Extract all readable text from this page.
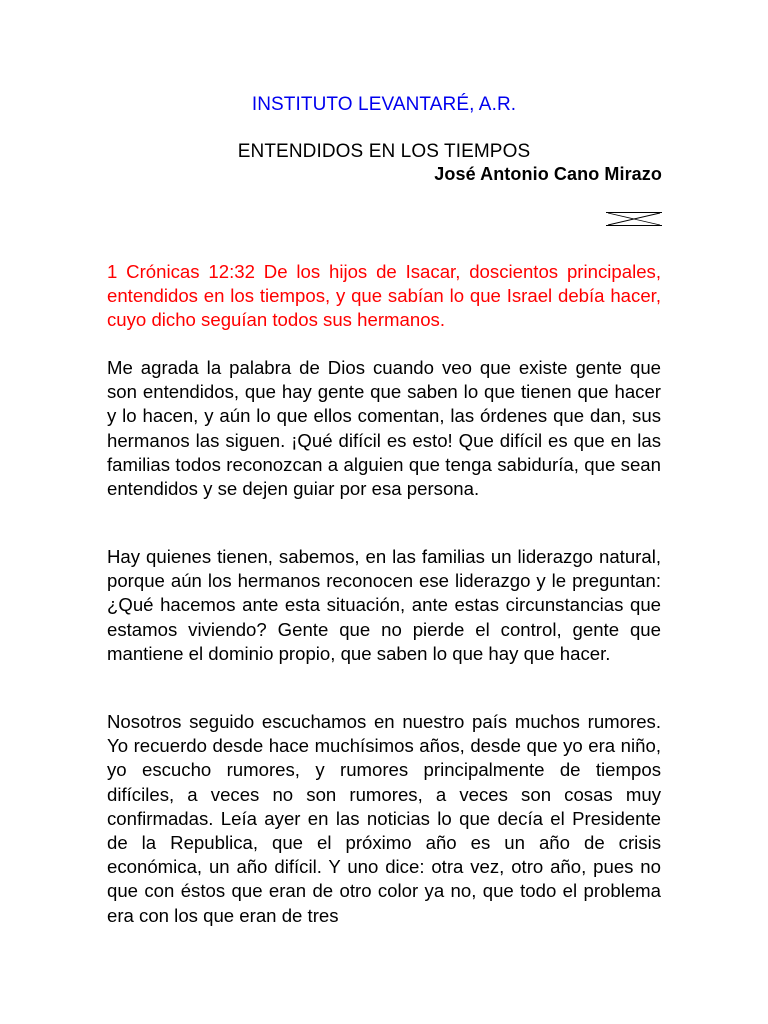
INSTITUTO LEVANTARÉ, A.R.
ENTENDIDOS EN LOS TIEMPOS
José Antonio Cano Mirazo
1 Crónicas 12:32 De los hijos de Isacar, doscientos principales, entendidos en los tiempos, y que sabían lo que Israel debía hacer, cuyo dicho seguían todos sus hermanos.
Me agrada la palabra de Dios cuando veo que existe gente que son entendidos, que hay gente que saben lo que tienen que hacer y lo hacen, y aún lo que ellos comentan, las órdenes que dan, sus hermanos las siguen. ¡Qué difícil es esto! Que difícil es que en las familias todos reconozcan a alguien que tenga sabiduría, que sean entendidos y se dejen guiar por esa persona.
Hay quienes tienen, sabemos, en las familias un liderazgo natural, porque aún los hermanos reconocen ese liderazgo y le preguntan: ¿Qué hacemos ante esta situación, ante estas circunstancias que estamos viviendo? Gente que no pierde el control, gente que mantiene el dominio propio, que saben lo que hay que hacer.
Nosotros seguido escuchamos en nuestro país muchos rumores. Yo recuerdo desde hace muchísimos años, desde que yo era niño, yo escucho rumores, y rumores principalmente de tiempos difíciles, a veces no son rumores, a veces son cosas muy confirmadas. Leía ayer en las noticias lo que decía el Presidente de la Republica, que el próximo año es un año de crisis económica, un año difícil. Y uno dice: otra vez, otro año, pues no que con éstos que eran de otro color ya no, que todo el problema era con los que eran de tres
